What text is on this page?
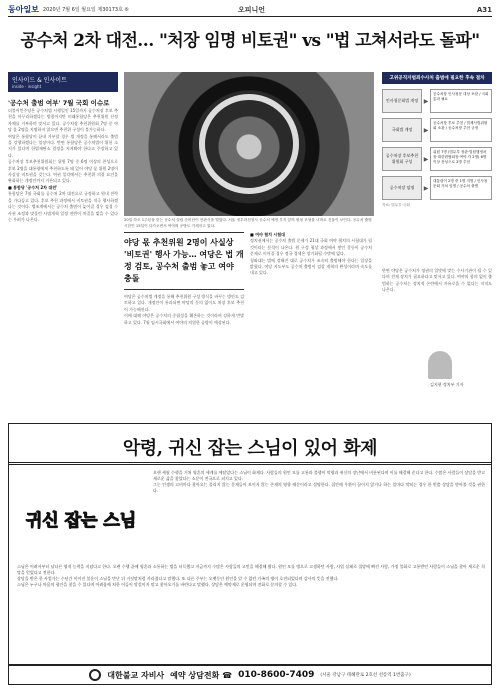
동아일보 2020년 7월 6일 월요일
제30173호 ⑥	오피니언	A31
공수처 2차 대전… "처장 임명 비토권" vs "법 고쳐서라도 돌파"
인사이드 & 인사이트
inside · insight
'공수처 출범 여부' 7월 국회 이슈로

더불어민주당은 공수처법 시행일인 15일까지 공수처장 후보 추천을 마무리하겠다는 방침이지만 미래통합당은 추천위원 선정 자체를 거부하며 맞서고 있다. 공수처장 추천위원회 7명 중 야당 몫 2명을 지명하지 않으면 추천위 구성이 불가능하다.

여당은 통합당이 끝내 거부할 경우 법 개정을 통해서라도 출범을 강행하겠다는 입장이다. 반면 통합당은 공수처법이 위헌 소지가 있다며 헌법재판소 결정을 지켜봐야 한다고 주장하고 있다.

공수처장 후보추천위원회는 위원 7명 중 6명 이상의 찬성으로 후보 2명을 대통령에게 추천하도록 돼 있어 야당 몫 위원 2명이 사실상 비토권을 갖는다. 여권 일각에서는 추천위 의결 요건을 완화하는 개정안까지 거론되고 있다.

■ 통합당 '공수처 2차 대전'

통합당은 7월 국회를 공수처 2차 대전으로 규정하고 원내 전략을 가다듬고 있다. 후보 추천 과정에서 비토권을 적극 행사하겠다는 것이다. 법조계에서는 공수처 출범이 늦어질 경우 검경 수사권 조정과 맞물린 사법개혁 일정 전반이 차질을 빚을 수 있다는 우려가 나온다.	20일 하오 1주년을 맞는 공수처 설립 준비단이 현판식을 열었다. 서울 정부과천청사 공수처 예정 부지 앞의 원형 조형물 너머로 건물이 보인다. 공수처 출범 시한인 15일이 다가오면서 여야의 공방도 거세지고 있다.
야당 몫 추천위원 2명이 사실상 '비토권' 행사 가능… 여당은 법 개정 검토, 공수처 출범 놓고 여야 충돌

여당은 공수처법 개정을 통해 추천위원 구성 방식을 바꾸는 방안도 검토하고 있다. 개정안이 통과되면 야당의 동의 없이도 처장 후보 추천이 가능해진다.

이에 대해 야당은 공수처의 중립성을 훼손하는 것이라며 강하게 반발하고 있다. 7월 임시국회에서 여야의 치열한 공방이 예상된다.

■ 여야 협치 시험대

정치권에서는 공수처 출범 문제가 21대 국회 여야 협치의 시험대가 될 것이라는 분석이 나온다. 원 구성 협상 과정에서 쌓인 갈등이 공수처 문제로 이어질 경우 정국 경색은 장기화될 수밖에 없다.

청와대는 법에 정해진 대로 공수처가 조속히 출범해야 한다는 입장을 밝혔다. 여당 지도부도 공수처 출범이 검찰 개혁의 완성이라며 속도를 내고 있다.

고위공직자범죄수사처 출범에 필요한 후속 절차
인사청문회법 개정 ▶
공수처장 인사청문 대상 포함 / 국회 통과 필요
국회법 개정	▶
공수처장 후보 추천 / 법제사법위원회 소관 / 공수처장 추천 규정
공수처장 후보추천위원회 구성	▶
위원 7명 (법무부 장관·법원행정처장·대한변협회장·여야 각 2명) 6명 이상 찬성으로 2명 추천
공수처장 임명	▶
대통령이 2명 중 1명 지명 / 인사청문회 거쳐 임명 / 공수처 출범
자료: 법무부·국회

반면 야당은 공수처가 정권의 입맛에 맞는 수사기관이 될 수 있다며 견제 장치가 필요하다고 맞서고 있다. 여야의 합의 없이 출범하는 공수처는 정치적 논란에서 자유로울 수 없다는 지적도 나온다.

김지현 정치부 기자
악령, 귀신 잡는 스님이 있어 화제
귀신 잡는 스님

오랜 세월 수행을 거쳐 영혼의 세계를 깨달았다는 스님이 화제다. 사람들의 원인 모를 고통과 불행이 악령과 귀신의 장난에서 비롯된다며 이를 해결해 준다고 한다. 수많은 사람들이 상담을 받고 새로운 삶을 찾았다는 소문이 전국으로 퍼지고 있다.

그는 인생의 고비마다 찾아오는 풀리지 않는 문제들이 보이지 않는 존재의 영향 때문이라고 설명한다. 집안에 우환이 끊이지 않거나 하는 일마다 막히는 경우 한 번쯤 상담을 받아볼 것을 권한다.

스님은 어려서부터 남다른 영적 능력을 지녔다고 한다. 오랜 수행 끝에 영혼과 소통하는 법을 터득했고 지금까지 수많은 사람들의 고민을 해결해 왔다. 원인 모를 병으로 고생하던 사람, 사업 실패로 절망에 빠진 사람, 가정 불화로 고통받던 사람들이 스님을 찾아 새로운 희망을 얻었다고 전한다.

상담을 받은 한 사업가는 수년간 이어진 불운이 스님을 만난 뒤 거짓말처럼 사라졌다고 말했다. 또 다른 주부는 오랫동안 원인을 알 수 없던 가족의 병이 호전되었다며 감사의 뜻을 전했다.

스님은 누구나 마음의 평안을 찾을 수 있다며 어려움에 처한 이들이 망설이지 말고 찾아오기를 바란다고 말했다. 상담은 예약제로 운영되며 전화로 문의할 수 있다.

대한불교 자비사 예약 상담전화 ☎ 010-8600-7409 (서울 강남구 테헤란로 2호선 선릉역 1번출구)
